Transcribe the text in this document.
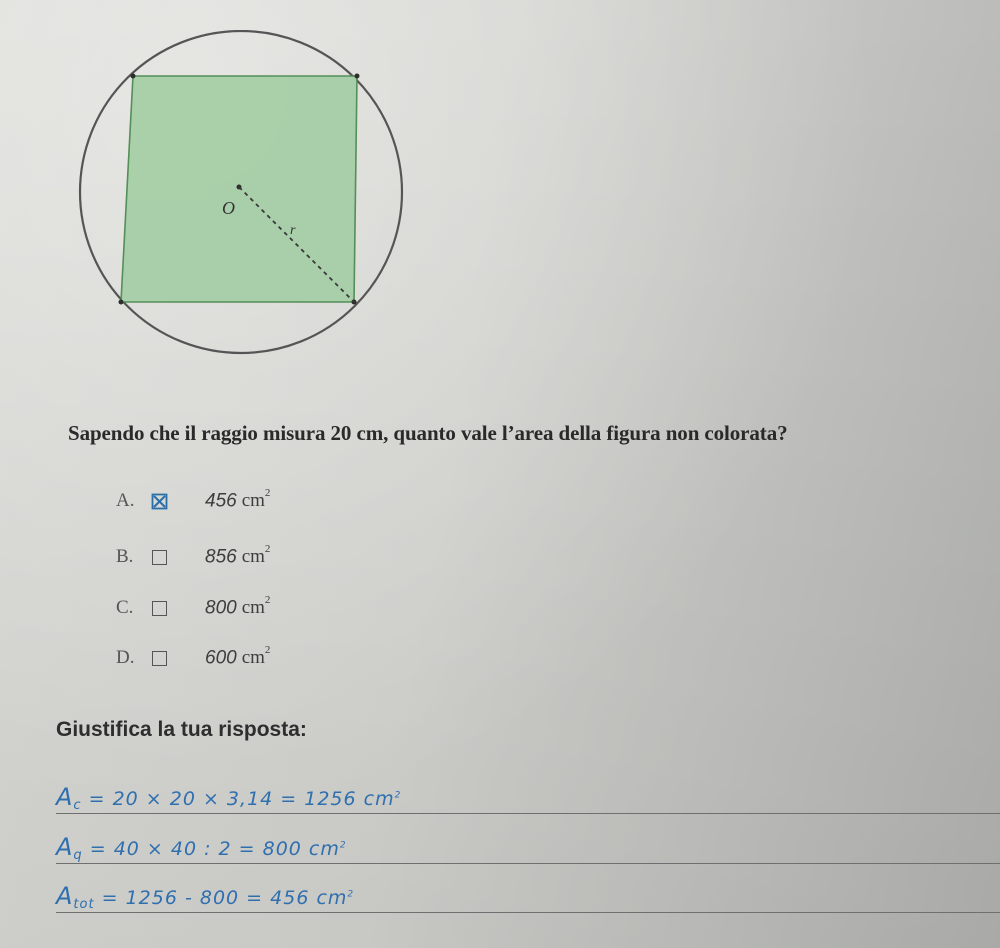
O
r
Sapendo che il raggio misura 20 cm, quanto vale l’area della figura non colorata?
A.	456 $cm^2$
B.	856 $cm^2$
C.	800 $cm^2$
D.	600 $cm^2$
Giustifica la tua risposta:
$A_c = 20 \times 20 \times 3,14 = 1256$ $cm^2$
$A_q = 40 \times 40$ : 2 = 800 $cm^2$
$A_{tot} = 1256 - 800 = 456$ $cm^2$
